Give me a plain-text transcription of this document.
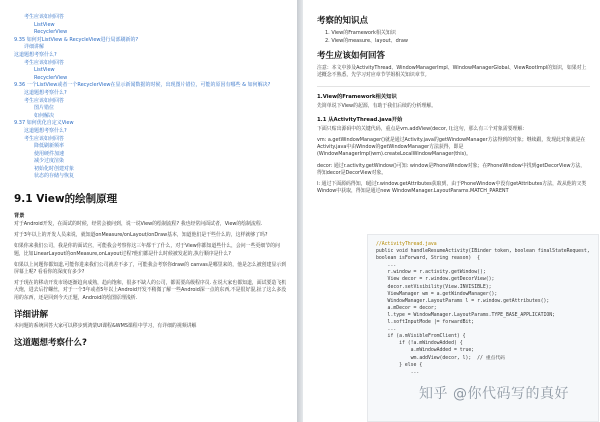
考生应该如何回答
ListView
RecyclerView
9.35 如何对ListView & RecycleView进行局部刷新的?
详细讲解
这道题想考察什么?
考生应该如何回答
ListView
RecyclerView
9.36 一个ListView或者一个RecyclerView在显示新闻数据的时候，出现图片错位，可能的原因有哪些 & 如何解决?
这道题想考察什么?
考生应该如何回答
图片错位
如何解决
9.37 如何优化自定义View
这道题想考察什么?
考生应该如何回答
降低刷新频率
使用硬件加速
减少过度渲染
初始化时创建对象
状态的存储与恢复
9.1 View的绘制原理
背景
对于Android开发，在面试的时候，经常会被问到，说一说View的绘制流程? 我也经常问面试者，View的绘制流程.
对于3年以上的开发人员来说，就知道onMeasure/onLayout/onDraw基本，知道他们是干些什么的，这样就够了吗?
如果你来我们公司，我是你的面试官，可能我会考察你这三年都干了什么，对于View你都知道些什么，会问一些更细节的问题，比如LinearLayout的onMeasure,onLayout过程?他们都是什么时候被发起的,执行顺序是什么?
如果以上问题你都知道,可能你进来我们公司就差不多了，可能我会考察你draw的 canvas是哪里来的，他是怎么被创建显示到屏幕上呢? 看看你的深度有多少?
对于现在的移动开发市场逐渐趋向成熟，趋向饱和，很多不缺人的公司，都需要高级程序员. 在说大家也都知道，面试要造飞机大炮，进去后拧螺丝，对于一个3年或者5年以上Android开发不稍微了解一些Android深一点的东西,不是很好混,扯了这么多没用的东西，还是回到今天正题，Android的绘图原理浅析.
详细讲解
本问题的系统回答大家可以移步到鸿蒙UI课程&WMS课程中学习，有详细的视频讲解
这道题想考察什么?
考察的知识点
1. View的Framework相关知识
2. View的measure、layout、draw
考生应该如何回答
注意：本文中涉及ActivityThread、WindowManagerImpl、WindowManagerGlobal、ViewRootImpl的知识，如果对上述概念不熟悉，先学习对应章节学姐相关知识章节。
1.View的Framework相关知识
先简单说下View的起源，有助于我们后续的分析理解。
1.1 从ActivityThread.java开始
下面只贴出源码中的关键代码，重点是vm.addView(decor, l);这句，那么有三个对象需要理解：
vm: a.getWindowManager()就是通过Activity.java的getWindowManager方法得到的对象；继续跟，发现此对象就是在Activity.java中由Window的getWindowManager方法获得，即是(WindowManagerImpl)wm).createLocalWindowManager(this)。
decor: 通过r.activity.getWindow()可知: window是PhoneWindow对象；在PhoneWindow中找到getDecorView方法，得知decor是DecorView对象。
l: 通过下面源码得知，l通过r.window.getAttributes获取到，由于PhoneWindow中没有getAttributes方法，故从他的父类Window中获取，得知是通过new WindowManager.LayoutParams.MATCH_PARENT
//ActivityThread.java
public void handleResumeActivity(IBinder token, boolean finalStateRequest,
boolean isForward, String reason)  {
...
r.window = r.activity.getWindow();
View decor = r.window.getDecorView();
decor.setVisibility(View.INVISIBLE);
ViewManager wm = a.getWindowManager();
WindowManager.LayoutParams l = r.window.getAttributes();
a.mDecor = decor;
l.type = WindowManager.LayoutParams.TYPE_BASE_APPLICATION;
l.softInputMode |= forwardBit;
...
if (a.mVisibleFromClient) {
if (!a.mWindowAdded) {
a.mWindowAdded = true;
wm.addView(decor, l);  // 重点代码
} else {
...
知乎 @你代码写的真好
